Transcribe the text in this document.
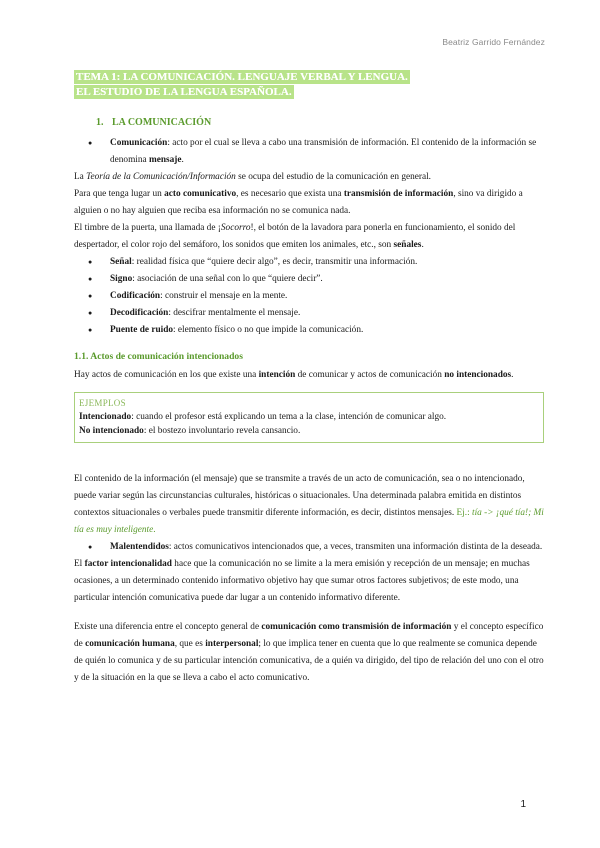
Beatriz Garrido Fernández
TEMA 1: LA COMUNICACIÓN. LENGUAJE VERBAL Y LENGUA.
EL ESTUDIO DE LA LENGUA ESPAÑOLA.
1. LA COMUNICACIÓN
● Comunicación: acto por el cual se lleva a cabo una transmisión de información. El contenido de la información se denomina mensaje.

La Teoría de la Comunicación/Información se ocupa del estudio de la comunicación en general.

Para que tenga lugar un acto comunicativo, es necesario que exista una transmisión de información, sino va dirigido a alguien o no hay alguien que reciba esa información no se comunica nada.

El timbre de la puerta, una llamada de ¡Socorro!, el botón de la lavadora para ponerla en funcionamiento, el sonido del despertador, el color rojo del semáforo, los sonidos que emiten los animales, etc., son señales.

● Señal: realidad física que “quiere decir algo”, es decir, transmitir una información.
● Signo: asociación de una señal con lo que “quiere decir”.
● Codificación: construir el mensaje en la mente.
● Decodificación: descifrar mentalmente el mensaje.
● Puente de ruido: elemento físico o no que impide la comunicación.
1.1. Actos de comunicación intencionados

Hay actos de comunicación en los que existe una intención de comunicar y actos de comunicación no intencionados.

EJEMPLOS
Intencionado: cuando el profesor está explicando un tema a la clase, intención de comunicar algo.
No intencionado: el bostezo involuntario revela cansancio.

El contenido de la información (el mensaje) que se transmite a través de un acto de comunicación, sea o no intencionado, puede variar según las circunstancias culturales, históricas o situacionales. Una determinada palabra emitida en distintos contextos situacionales o verbales puede transmitir diferente información, es decir, distintos mensajes. Ej.: tía -> ¡qué tía!; Mi tía es muy inteligente.

● Malentendidos: actos comunicativos intencionados que, a veces, transmiten una información distinta de la deseada.

El factor intencionalidad hace que la comunicación no se limite a la mera emisión y recepción de un mensaje; en muchas ocasiones, a un determinado contenido informativo objetivo hay que sumar otros factores subjetivos; de este modo, una particular intención comunicativa puede dar lugar a un contenido informativo diferente.

Existe una diferencia entre el concepto general de comunicación como transmisión de información y el concepto específico de comunicación humana, que es interpersonal; lo que implica tener en cuenta que lo que realmente se comunica depende de quién lo comunica y de su particular intención comunicativa, de a quién va dirigido, del tipo de relación del uno con el otro y de la situación en la que se lleva a cabo el acto comunicativo.

1
